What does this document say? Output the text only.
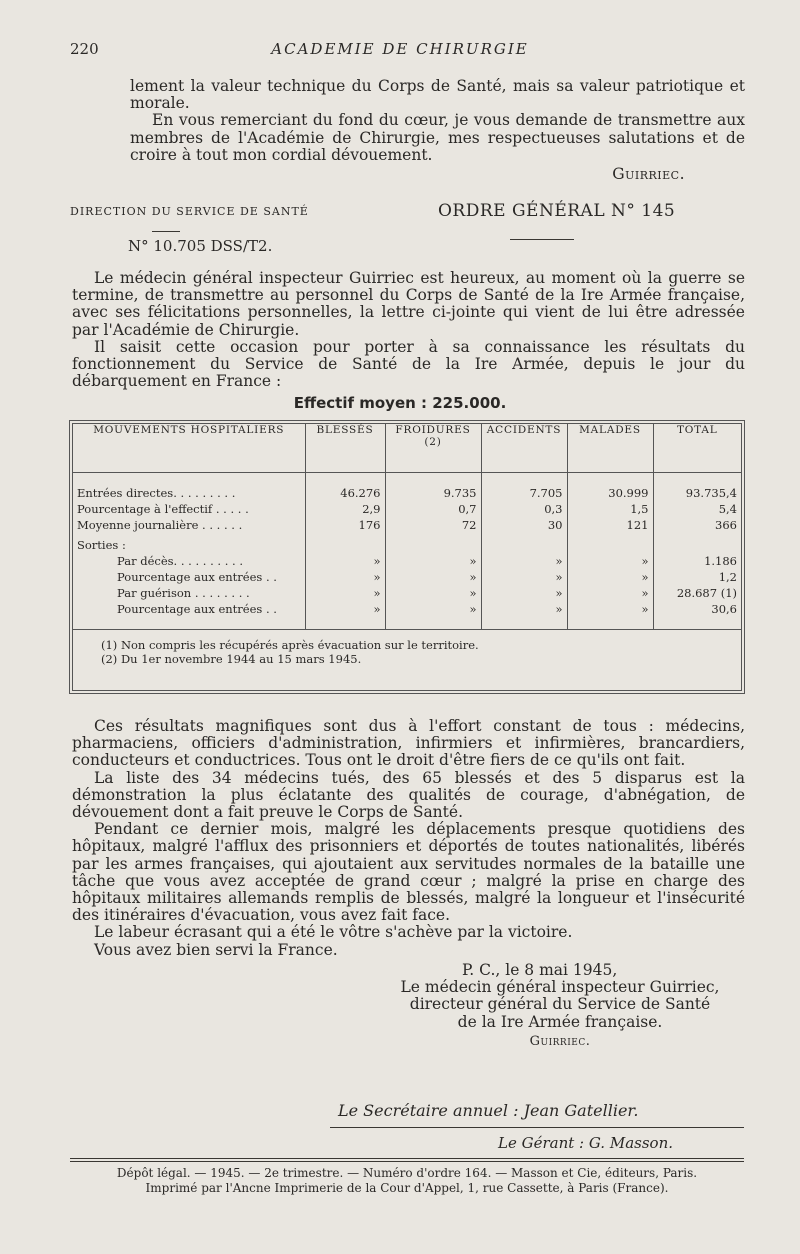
220	ACADEMIE DE CHIRURGIE

lement la valeur technique du Corps de Santé, mais sa valeur patriotique et morale.

En vous remerciant du fond du cœur, je vous demande de transmettre aux membres de l'Académie de Chirurgie, mes respectueuses salutations et de croire à tout mon cordial dévouement.

Guirriec.
DIRECTION DU SERVICE DE SANTÉ	ORDRE GÉNÉRAL N° 145
N° 10.705 DSS/T2.

Le médecin général inspecteur Guirriec est heureux, au moment où la guerre se termine, de transmettre au personnel du Corps de Santé de la Ire Armée française, avec ses félicitations personnelles, la lettre ci-jointe qui vient de lui être adressée par l'Académie de Chirurgie.

Il saisit cette occasion pour porter à sa connaissance les résultats du fonctionnement du Service de Santé de la Ire Armée, depuis le jour du débarquement en France :

Effectif moyen : 225.000.
MOUVEMENTS HOSPITALIERS	BLESSÉS	FROIDURES (2)	ACCIDENTS	MALADES	TOTAL

Entrées directes. . . . . . . . .	46.276	9.735	7.705	30.999	93.735,4
Pourcentage à l'effectif . . . . .	2,9	0,7	0,3	1,5	5,4
Moyenne journalière . . . . . .	176	72	30	121	366
Sorties :					
Par décès. . . . . . . . . .	»	»	»	»	1.186
Pourcentage aux entrées . .	»	»	»	»	1,2
Par guérison . . . . . . . .	»	»	»	»	28.687 (1)
Pourcentage aux entrées . .	»	»	»	»	30,6

(1) Non compris les récupérés après évacuation sur le territoire.
(2) Du 1er novembre 1944 au 15 mars 1945.

Ces résultats magnifiques sont dus à l'effort constant de tous : médecins, pharmaciens, officiers d'administration, infirmiers et infirmières, brancardiers, conducteurs et conductrices. Tous ont le droit d'être fiers de ce qu'ils ont fait.

La liste des 34 médecins tués, des 65 blessés et des 5 disparus est la démonstration la plus éclatante des qualités de courage, d'abnégation, de dévouement dont a fait preuve le Corps de Santé.

Pendant ce dernier mois, malgré les déplacements presque quotidiens des hôpitaux, malgré l'afflux des prisonniers et déportés de toutes nationalités, libérés par les armes françaises, qui ajoutaient aux servitudes normales de la bataille une tâche que vous avez acceptée de grand cœur ; malgré la prise en charge des hôpitaux militaires allemands remplis de blessés, malgré la longueur et l'insécurité des itinéraires d'évacuation, vous avez fait face.

Le labeur écrasant qui a été le vôtre s'achève par la victoire.

Vous avez bien servi la France.

P. C., le 8 mai 1945,
Le médecin général inspecteur Guirriec,
directeur général du Service de Santé
de la Ire Armée française.
Guirriec.
Le Secrétaire annuel : Jean Gatellier.
Le Gérant : G. Masson.
Dépôt légal. — 1945. — 2e trimestre. — Numéro d'ordre 164. — Masson et Cie, éditeurs, Paris.
Imprimé par l'Ancne Imprimerie de la Cour d'Appel, 1, rue Cassette, à Paris (France).
